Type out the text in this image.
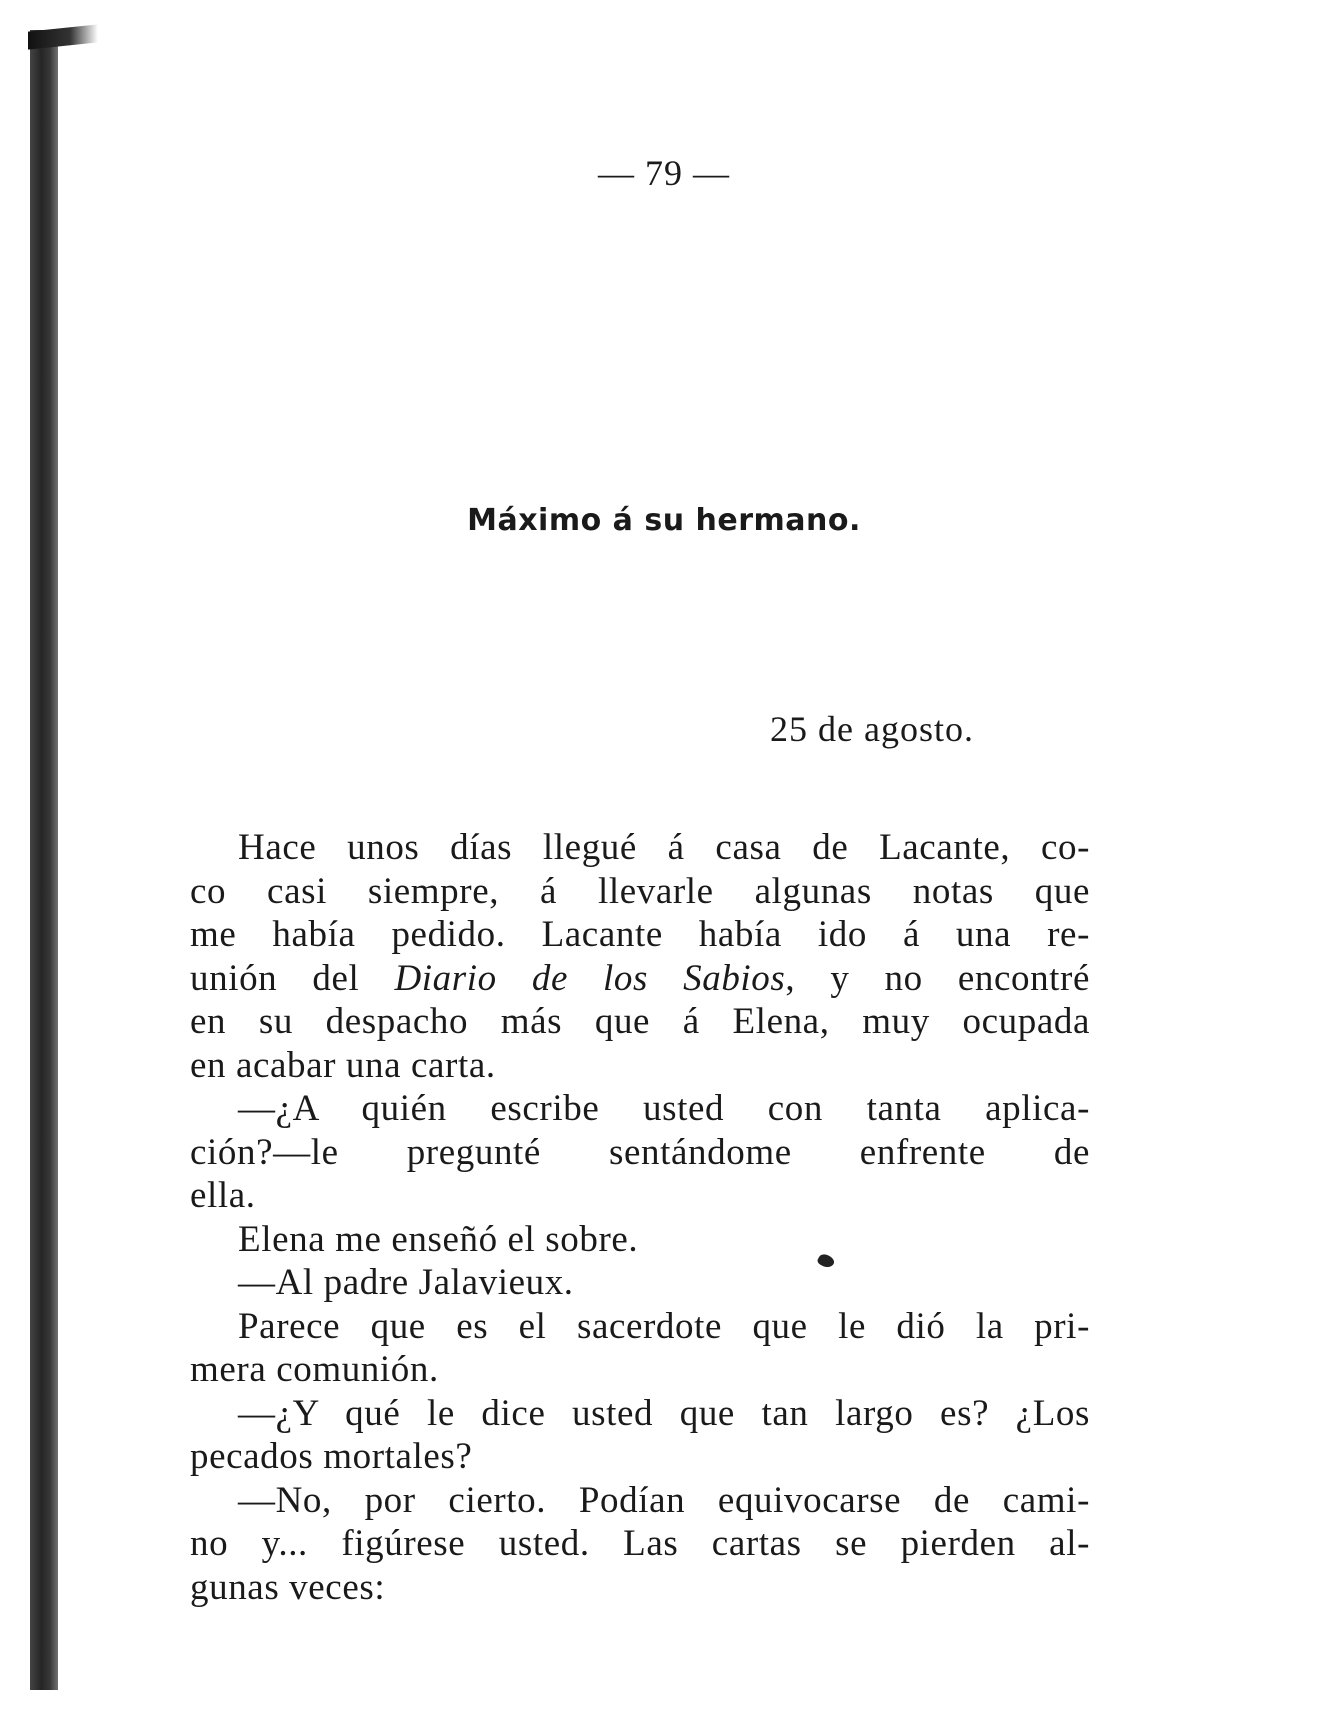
— 79 —
Máximo á su hermano.
25 de agosto.
Hace unos días llegué á casa de Lacante, co-
co casi siempre, á llevarle algunas notas que
me había pedido. Lacante había ido á una re-
unión del Diario de los Sabios, y no encontré
en su despacho más que á Elena, muy ocupada
en acabar una carta.
—¿A quién escribe usted con tanta aplica-
ción?—le pregunté sentándome enfrente de
ella.
Elena me enseñó el sobre.
—Al padre Jalavieux.
Parece que es el sacerdote que le dió la pri-
mera comunión.
—¿Y qué le dice usted que tan largo es? ¿Los
pecados mortales?
—No, por cierto. Podían equivocarse de cami-
no y... figúrese usted. Las cartas se pierden al-
gunas veces:
